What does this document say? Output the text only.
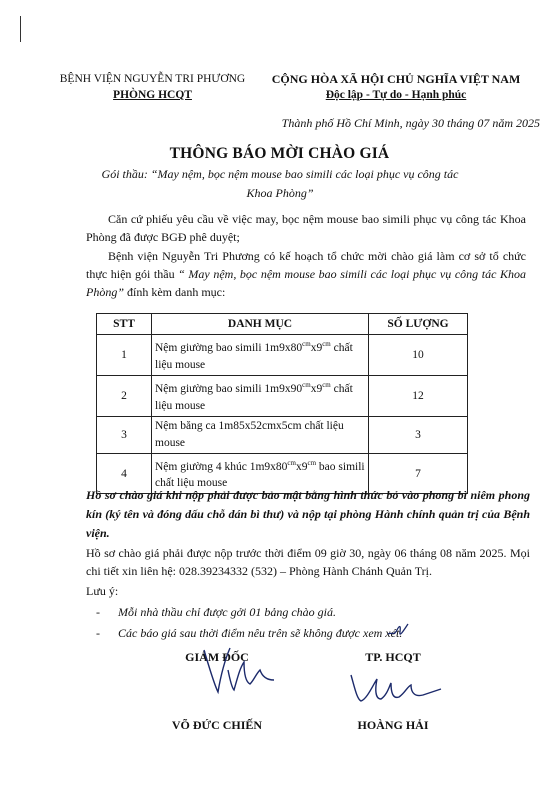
BỆNH VIỆN NGUYỄN TRI PHƯƠNG
PHÒNG HCQT
CỘNG HÒA XÃ HỘI CHỦ NGHĨA VIỆT NAM
Độc lập - Tự do - Hạnh phúc
Thành phố Hồ Chí Minh, ngày 30 tháng 07 năm 2025
THÔNG BÁO MỜI CHÀO GIÁ
Gói thầu: “May nệm, bọc nệm mouse bao simili các loại phục vụ công tác Khoa Phòng”
Căn cứ phiếu yêu cầu về việc may, bọc nệm mouse bao simili phục vụ công tác Khoa Phòng đã được BGĐ phê duyệt;
Bệnh viện Nguyễn Tri Phương có kế hoạch tổ chức mời chào giá làm cơ sở tổ chức thực hiện gói thầu “ May nệm, bọc nệm mouse bao simili các loại phục vụ công tác Khoa Phòng” đính kèm danh mục:
STT	DANH MỤC	SỐ LƯỢNG
1	Nệm giường bao simili $1m9x80^{cm}x9^{cm}$ chất liệu mouse	10
2	Nệm giường bao simili $1m9x90^{cm}x9^{cm}$ chất liệu mouse	12
3	Nệm băng ca 1m85x52cmx5cm chất liệu mouse	3
4	Nệm giường 4 khúc $1m9x80^{cm}x9^{cm}$ bao simili chất liệu mouse	7
Hồ sơ chào giá khi nộp phải được bảo mật bằng hình thức bỏ vào phong bì niêm phong kín (ký tên và đóng dấu chỗ dán bì thư) và nộp tại phòng Hành chính quản trị của Bệnh viện.
Hồ sơ chào giá phải được nộp trước thời điểm 09 giờ 30, ngày 06 tháng 08 năm 2025. Mọi chi tiết xin liên hệ: 028.39234332 (532) – Phòng Hành Chánh Quản Trị.
Lưu ý:
- Mỗi nhà thầu chỉ được gởi 01 bảng chào giá.
- Các báo giá sau thời điểm nêu trên sẽ không được xem xét.
GIÁM ĐỐC	TP. HCQT
VÕ ĐỨC CHIẾN	HOÀNG HẢI
